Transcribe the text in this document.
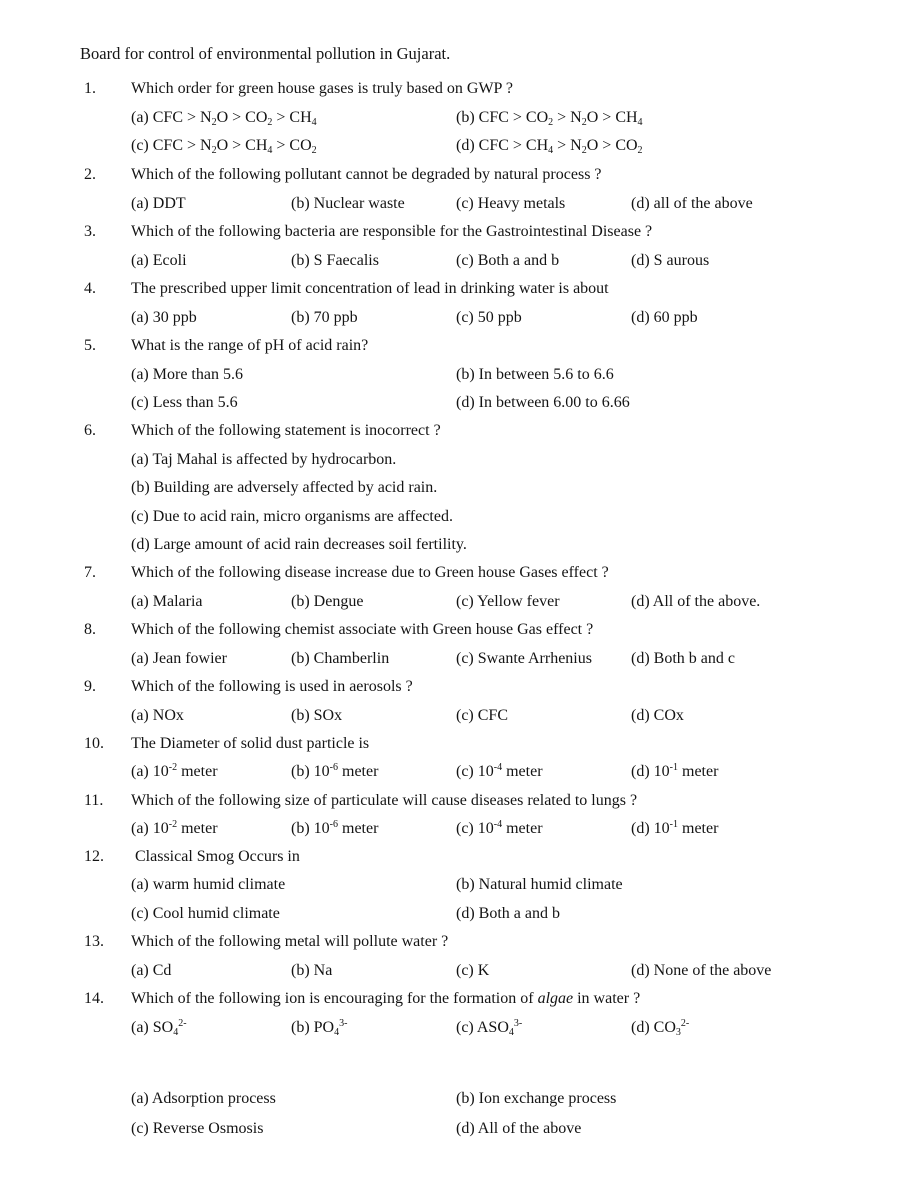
Board for control of environmental pollution in Gujarat.
1.	Which order for green house gases is truly based on GWP ?
(a) CFC > $N_2O > CO_2 > CH_4$	(b) CFC > $CO_2 > N_2O > CH_4$
(c) CFC > $N_2O > CH_4 > CO_2$	(d) CFC > $CH_4 > N_2O > CO_2$
2.	Which of the following pollutant cannot be degraded by natural process ?
(a) DDT	(b) Nuclear waste	(c) Heavy metals	(d) all of the above
3.	Which of the following bacteria are responsible for the Gastrointestinal Disease ?
(a) Ecoli	(b) S Faecalis	(c) Both a and b	(d) S aurous
4.	The prescribed upper limit concentration of lead in drinking water is about
(a) 30 ppb	(b) 70 ppb	(c) 50 ppb	(d) 60 ppb
5.	What is the range of pH of acid rain?
(a) More than 5.6	(b) In between 5.6 to 6.6
(c) Less than 5.6	(d) In between 6.00 to 6.66
6.	Which of the following statement is inocorrect ?
(a) Taj Mahal is affected by hydrocarbon.
(b) Building are adversely affected by acid rain.
(c) Due to acid rain, micro organisms are affected.
(d) Large amount of acid rain decreases soil fertility.
7.	Which of the following disease increase due to Green house Gases effect ?
(a) Malaria	(b) Dengue	(c) Yellow fever	(d) All of the above.
8.	Which of the following chemist associate with Green house Gas effect ?
(a) Jean fowier	(b) Chamberlin	(c) Swante Arrhenius (d) Both b and c
9.	Which of the following is used in aerosols ?
(a) NOx	(b) SOx	(c) CFC	(d) COx
10.	The Diameter of solid dust particle is
(a) $10^{-2}$ meter	(b) $10^{-6}$ meter	(c) $10^{-4}$ meter	(d) $10^{-1}$ meter
11.	Which of the following size of particulate will cause diseases related to lungs ?
(a) $10^{-2}$ meter	(b) $10^{-6}$ meter	(c) $10^{-4}$ meter	(d) $10^{-1}$ meter
12.	Classical Smog Occurs in
(a) warm humid climate	(b) Natural humid climate
(c) Cool humid climate	(d) Both a and b
13.	Which of the following metal will pollute water ?
(a) Cd	(b) Na	(c) K	(d) None of the above
14.	Which of the following ion is encouraging for the formation of algae in water ?
(a) $SO_4^{2-}$	(b) $PO_4^{3-}$	(c) $ASO_4^{3-}$	(d) $CO_3^{2-}$
(a) Adsorption process	(b) Ion exchange process
(c) Reverse Osmosis	(d) All of the above
